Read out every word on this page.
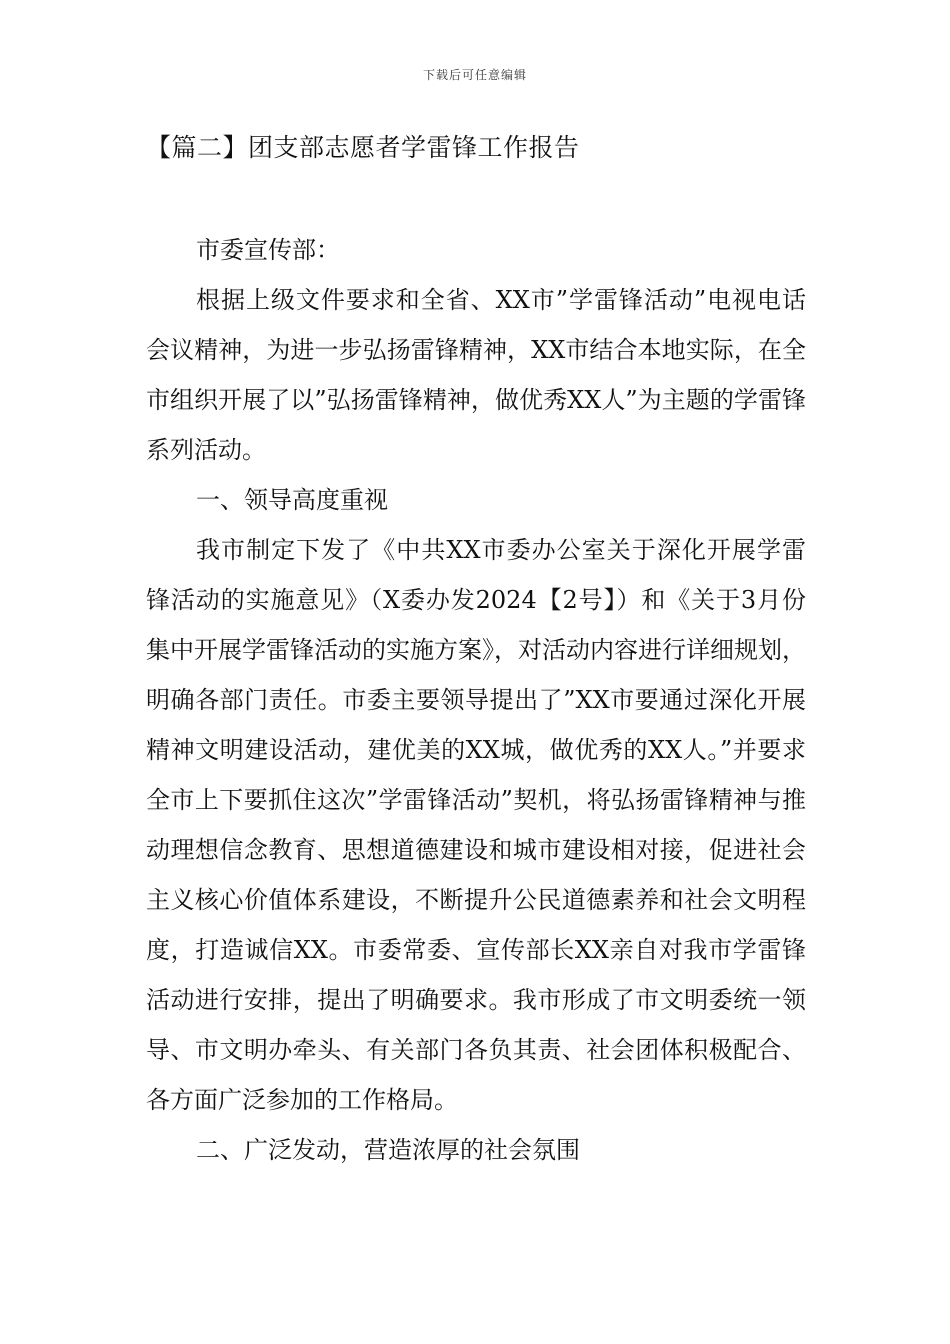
下载后可任意编辑
【篇二】团支部志愿者学雷锋工作报告

市委宣传部：

根据上级文件要求和全省、XX市”学雷锋活动”电视电话会议精神，为进一步弘扬雷锋精神，XX市结合本地实际，在全市组织开展了以”弘扬雷锋精神，做优秀XX人”为主题的学雷锋系列活动。

一、领导高度重视

我市制定下发了《中共XX市委办公室关于深化开展学雷锋活动的实施意见》（X委办发2024【2号】）和《关于3月份集中开展学雷锋活动的实施方案》，对活动内容进行详细规划，明确各部门责任。市委主要领导提出了”XX市要通过深化开展精神文明建设活动，建优美的XX城，做优秀的XX人。”并要求全市上下要抓住这次”学雷锋活动”契机，将弘扬雷锋精神与推动理想信念教育、思想道德建设和城市建设相对接，促进社会主义核心价值体系建设，不断提升公民道德素养和社会文明程度，打造诚信XX。市委常委、宣传部长XX亲自对我市学雷锋活动进行安排，提出了明确要求。我市形成了市文明委统一领导、市文明办牵头、有关部门各负其责、社会团体积极配合、各方面广泛参加的工作格局。

二、广泛发动，营造浓厚的社会氛围
